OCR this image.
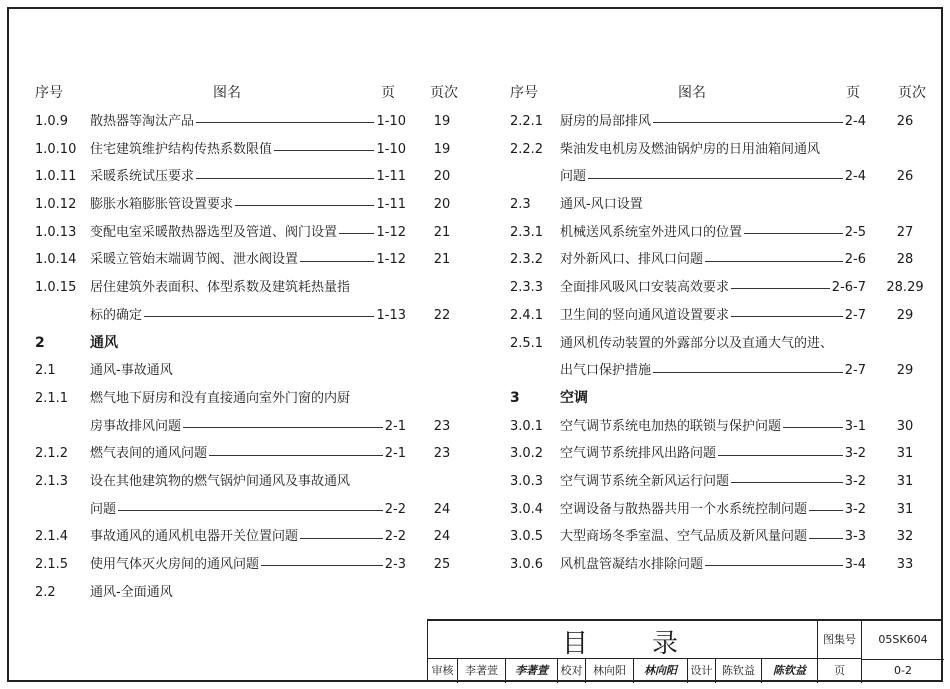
序号	图名	页	页次
1.0.9 散热器等淘汰产品	1-10	19
1.0.10 住宅建筑维护结构传热系数限值	1-10	19
1.0.11 采暖系统试压要求	1-11	20
1.0.12 膨胀水箱膨胀管设置要求	1-11	20
1.0.13 变配电室采暖散热器选型及管道、阀门设置	1-12	21
1.0.14 采暖立管始末端调节阀、泄水阀设置	1-12	21
1.0.15 居住建筑外表面积、体型系数及建筑耗热量指
标的确定	1-13	22
2	通风
2.1	通风-事故通风
2.1.1 燃气地下厨房和没有直接通向室外门窗的内厨
房事故排风问题	2-1	23
2.1.2 燃气表间的通风问题	2-1	23
2.1.3 设在其他建筑物的燃气锅炉间通风及事故通风
问题	2-2	24
2.1.4 事故通风的通风机电器开关位置问题	2-2	24
2.1.5 使用气体灭火房间的通风问题	2-3	25
2.2	通风-全面通风
序号	图名	页	页次
2.2.1 厨房的局部排风	2-4	26
2.2.2 柴油发电机房及燃油锅炉房的日用油箱间通风
问题	2-4	26
2.3 通风-风口设置
2.3.1 机械送风系统室外进风口的位置	2-5	27
2.3.2 对外新风口、排风口问题	2-6	28
2.3.3 全面排风吸风口安装高效要求	2-6-7 28.29
2.4.1 卫生间的竖向通风道设置要求	2-7	29
2.5.1 通风机传动装置的外露部分以及直通大气的进、
出气口保护措施	2-7	29
3	空调
3.0.1 空气调节系统电加热的联锁与保护问题	3-1	30
3.0.2 空气调节系统排风出路问题	3-2	31
3.0.3 空气调节系统全新风运行问题	3-2	31
3.0.4 空调设备与散热器共用一个水系统控制问题	3-2	31
3.0.5 大型商场冬季室温、空气品质及新风量问题	3-3	32
3.0.6 风机盘管凝结水排除问题	3-4	33
目 录	图集号	05SK604
页	0-2
审核	李著萱	李著萱	校对 林向阳	林向阳	设计 陈钦益	陈钦益
